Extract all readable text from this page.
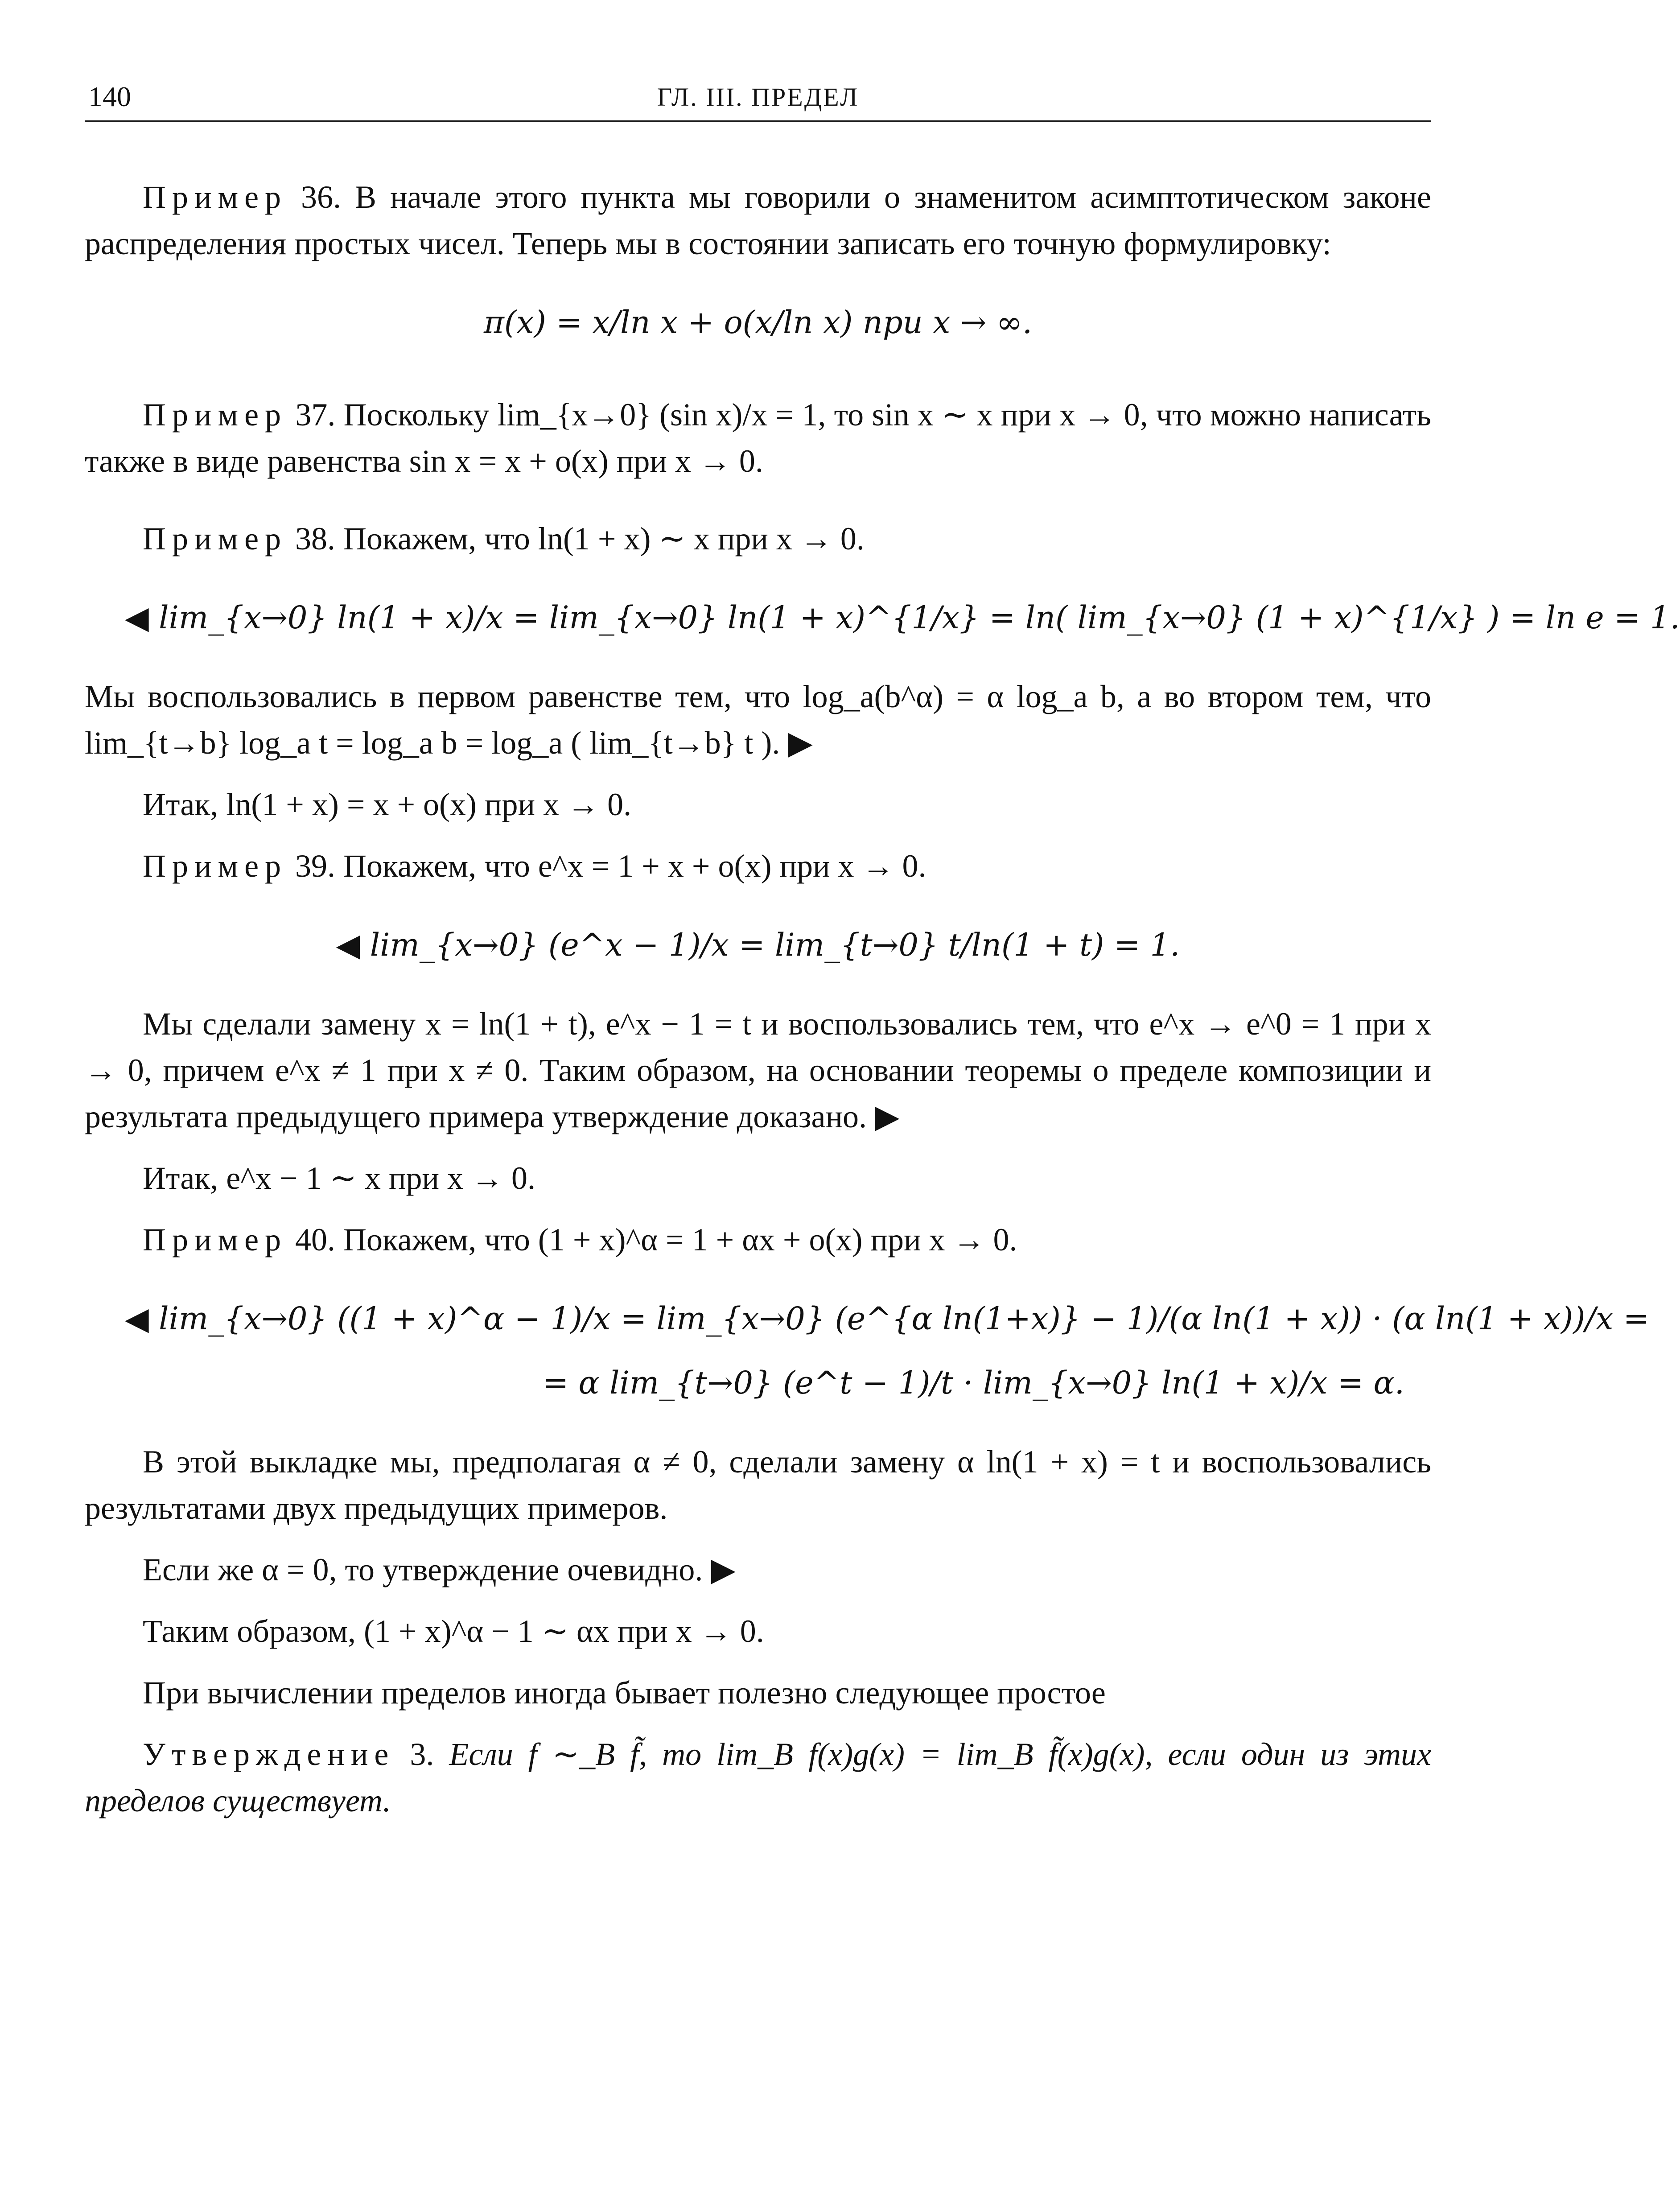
140	ГЛ. III. ПРЕДЕЛ

Пример 36. В начале этого пункта мы говорили о знаменитом асимптотическом законе распределения простых чисел. Теперь мы в состоянии записать его точную формулировку:

π(x) = x/ln x + o(x/ln x) при x → ∞.

Пример 37. Поскольку lim_{x→0} (sin x)/x = 1, то sin x ∼ x при x → 0, что можно написать также в виде равенства sin x = x + o(x) при x → 0.

Пример 38. Покажем, что ln(1 + x) ∼ x при x → 0.

◀ lim_{x→0} ln(1 + x)/x = lim_{x→0} ln(1 + x)^{1/x} = ln( lim_{x→0} (1 + x)^{1/x} ) = ln e = 1.

Мы воспользовались в первом равенстве тем, что log_a(b^α) = α log_a b, а во втором тем, что lim_{t→b} log_a t = log_a b = log_a ( lim_{t→b} t ). ▶

Итак, ln(1 + x) = x + o(x) при x → 0.

Пример 39. Покажем, что e^x = 1 + x + o(x) при x → 0.

◀ lim_{x→0} (e^x − 1)/x = lim_{t→0} t/ln(1 + t) = 1.

Мы сделали замену x = ln(1 + t), e^x − 1 = t и воспользовались тем, что e^x → e^0 = 1 при x → 0, причем e^x ≠ 1 при x ≠ 0. Таким образом, на основании теоремы о пределе композиции и результата предыдущего примера утверждение доказано. ▶

Итак, e^x − 1 ∼ x при x → 0.

Пример 40. Покажем, что (1 + x)^α = 1 + αx + o(x) при x → 0.

◀ lim_{x→0} ((1 + x)^α − 1)/x = lim_{x→0} (e^{α ln(1+x)} − 1)/(α ln(1 + x)) · (α ln(1 + x))/x =
= α lim_{t→0} (e^t − 1)/t · lim_{x→0} ln(1 + x)/x = α.

В этой выкладке мы, предполагая α ≠ 0, сделали замену α ln(1 + x) = t и воспользовались результатами двух предыдущих примеров.

Если же α = 0, то утверждение очевидно. ▶

Таким образом, (1 + x)^α − 1 ∼ αx при x → 0.

При вычислении пределов иногда бывает полезно следующее простое

Утверждение 3. Если f ∼_B f̃, то lim_B f(x)g(x) = lim_B f̃(x)g(x), если один из этих пределов существует.
